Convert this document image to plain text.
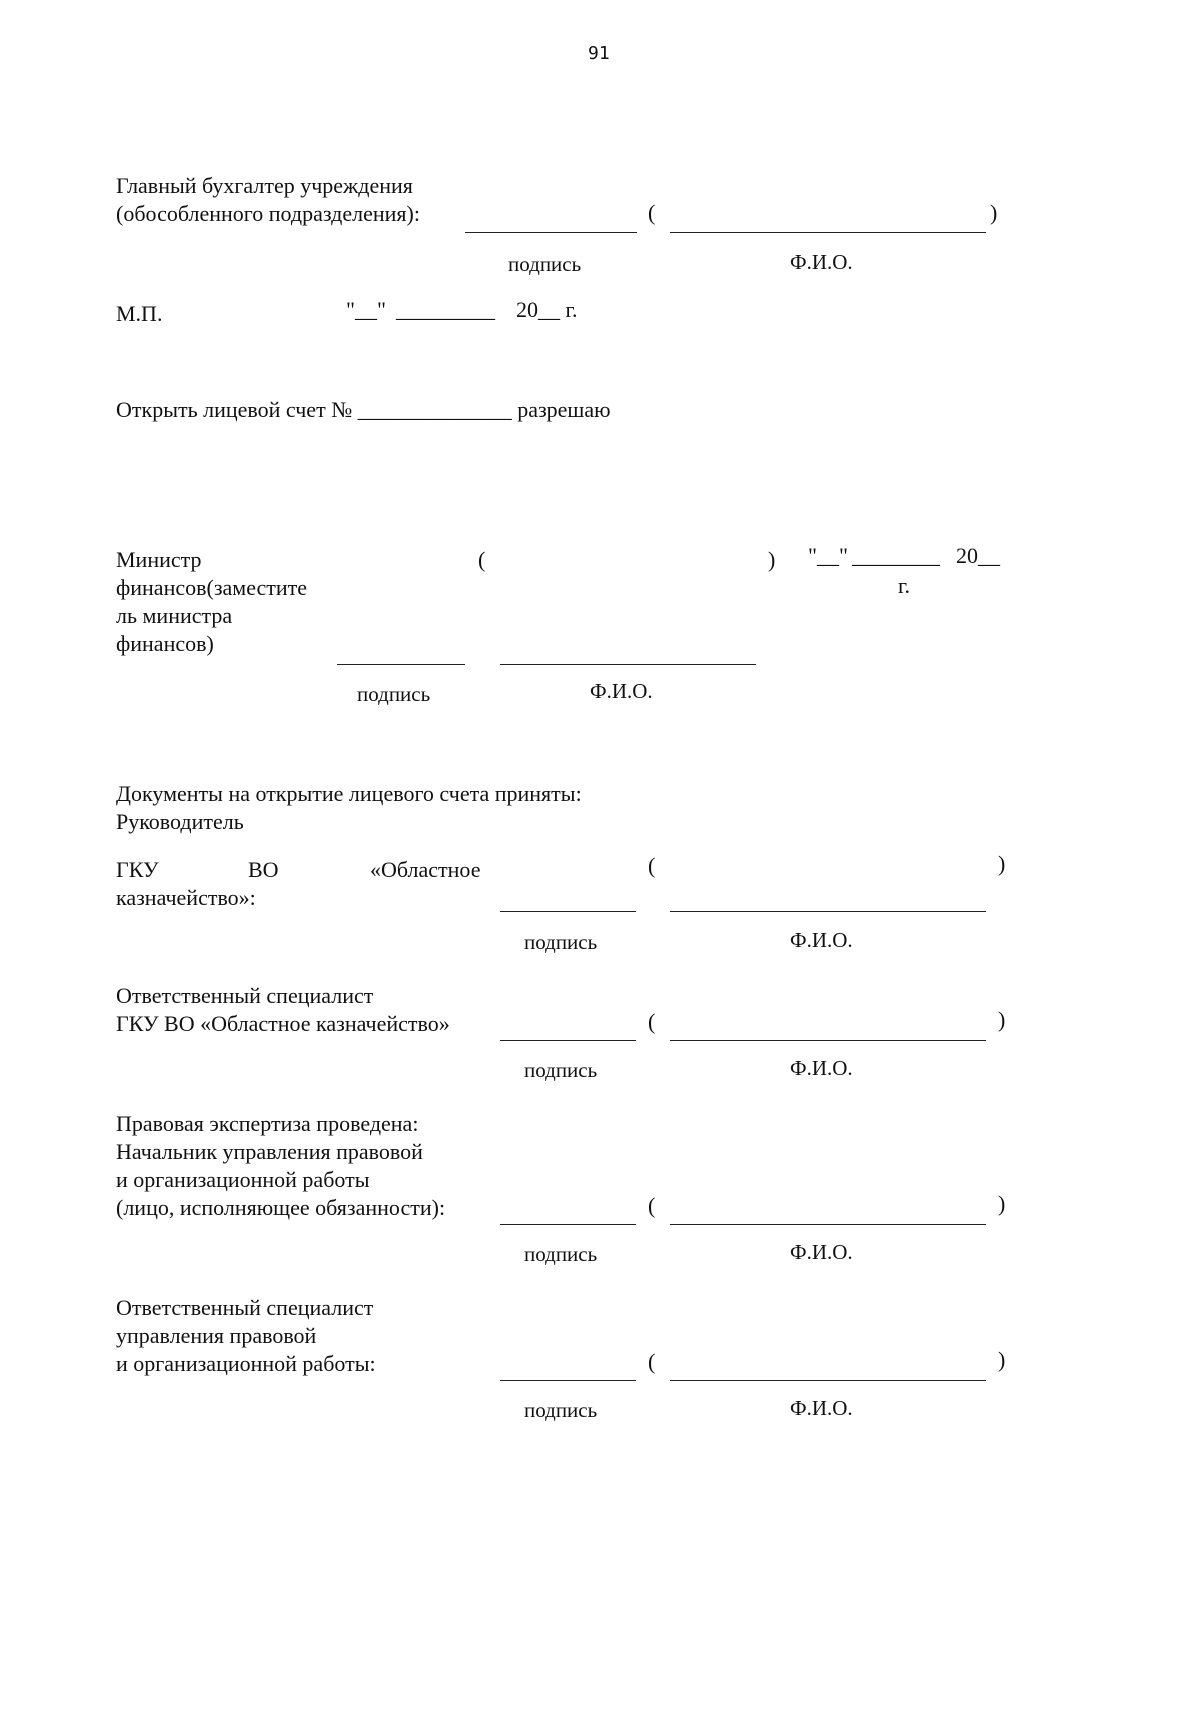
91
Главный бухгалтер учреждения
(обособленного подразделения):	(	)
подпись	Ф.И.О.
М.П.	"__" _________ 20__ г.
Открыть лицевой счет № ______________ разрешаю
Министр
финансов(заместите
ль министра
финансов)
(	) "__" ________ 20__
г.
подпись	Ф.И.О.
Документы на открытие лицевого счета приняты:
Руководитель
ГКУ	ВО	«Областное
казначейство»:
(	)
подпись	Ф.И.О.
Ответственный специалист
ГКУ ВО «Областное казначейство»	(	)
подпись	Ф.И.О.
Правовая экспертиза проведена:
Начальник управления правовой
и организационной работы
(лицо, исполняющее обязанности):	(	)
подпись	Ф.И.О.
Ответственный специалист
управления правовой
и организационной работы:	(	)
подпись	Ф.И.О.
